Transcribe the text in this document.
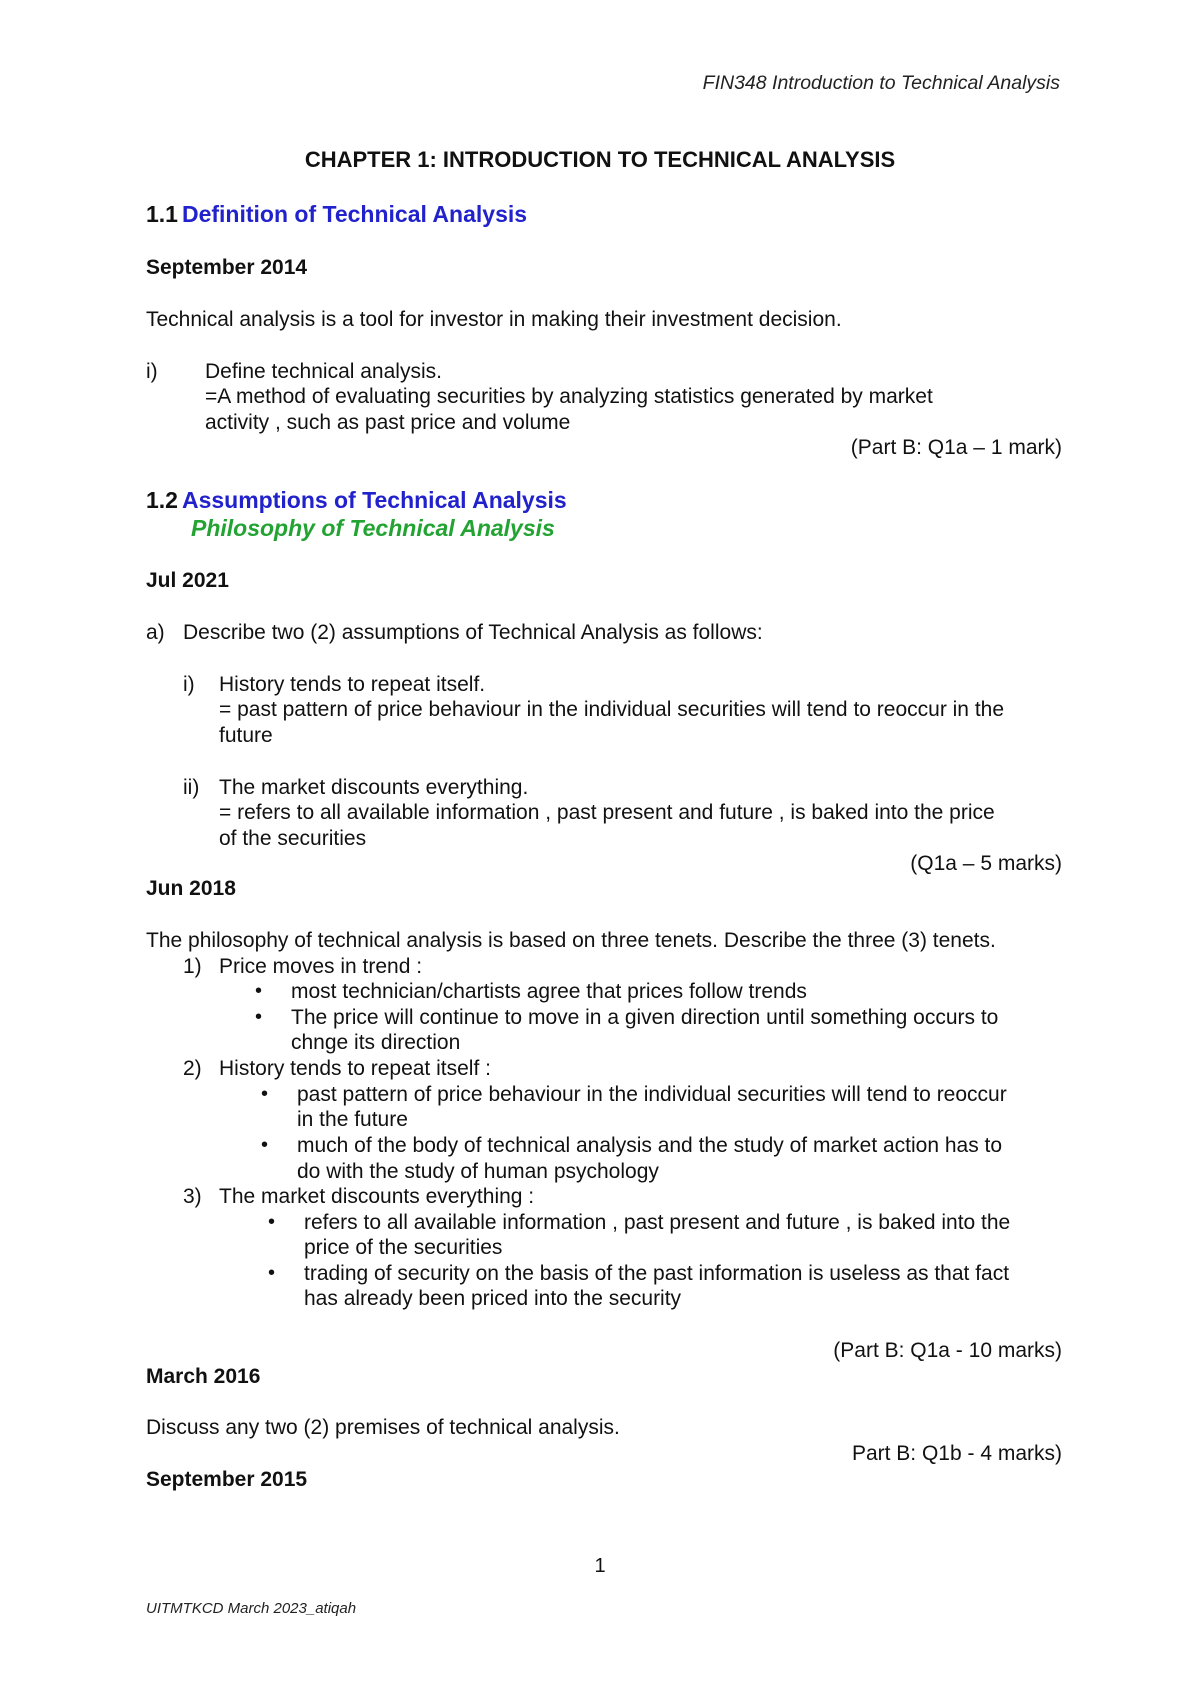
FIN348 Introduction to Technical Analysis
CHAPTER 1: INTRODUCTION TO TECHNICAL ANALYSIS
1.1 Definition of Technical Analysis
September 2014
Technical analysis is a tool for investor in making their investment decision.
i) Define technical analysis.
=A method of evaluating securities by analyzing statistics generated by market
activity , such as past price and volume
(Part B: Q1a – 1 mark)
1.2 Assumptions of Technical Analysis
Philosophy of Technical Analysis
Jul 2021
a) Describe two (2) assumptions of Technical Analysis as follows:
i) History tends to repeat itself.
= past pattern of price behaviour in the individual securities will tend to reoccur in the
future
ii) The market discounts everything.
= refers to all available information , past present and future , is baked into the price
of the securities
(Q1a – 5 marks)
Jun 2018
The philosophy of technical analysis is based on three tenets. Describe the three (3) tenets.
1) Price moves in trend :
• most technician/chartists agree that prices follow trends
• The price will continue to move in a given direction until something occurs to
chnge its direction
2) History tends to repeat itself :
• past pattern of price behaviour in the individual securities will tend to reoccur
in the future
• much of the body of technical analysis and the study of market action has to
do with the study of human psychology
3) The market discounts everything :
• refers to all available information , past present and future , is baked into the
price of the securities
• trading of security on the basis of the past information is useless as that fact
has already been priced into the security
(Part B: Q1a - 10 marks)
March 2016
Discuss any two (2) premises of technical analysis.
Part B: Q1b - 4 marks)
September 2015
1
UITMTKCD March 2023_atiqah
